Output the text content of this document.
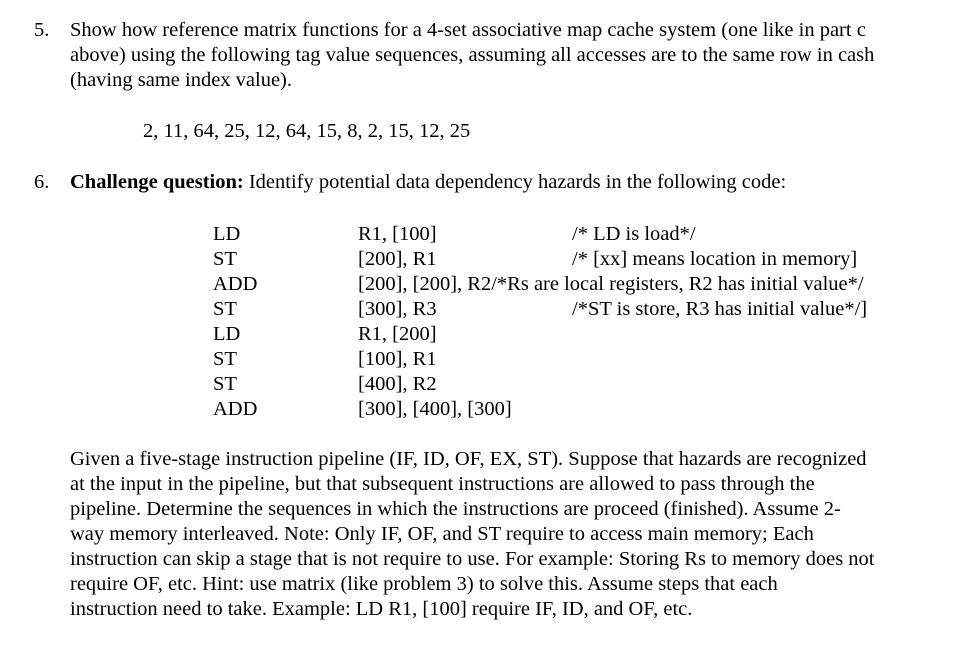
5.	Show how reference matrix functions for a 4-set associative map cache system (one like in part c
above) using the following tag value sequences, assuming all accesses are to the same row in cash
(having same index value).
2, 11, 64, 25, 12, 64, 15, 8, 2, 15, 12, 25
6.	Challenge question: Identify potential data dependency hazards in the following code:
LD	R1, [100]	/* LD is load*/
ST	[200], R1	/* [xx] means location in memory]
ADD	[200], [200], R2/*Rs are local registers, R2 has initial value*/
ST	[300], R3	/*ST is store, R3 has initial value*/]
LD	R1, [200]
ST	[100], R1
ST	[400], R2
ADD	[300], [400], [300]
Given a five-stage instruction pipeline (IF, ID, OF, EX, ST). Suppose that hazards are recognized
at the input in the pipeline, but that subsequent instructions are allowed to pass through the
pipeline. Determine the sequences in which the instructions are proceed (finished). Assume 2-
way memory interleaved. Note: Only IF, OF, and ST require to access main memory; Each
instruction can skip a stage that is not require to use. For example: Storing Rs to memory does not
require OF, etc. Hint: use matrix (like problem 3) to solve this. Assume steps that each
instruction need to take. Example: LD R1, [100] require IF, ID, and OF, etc.
